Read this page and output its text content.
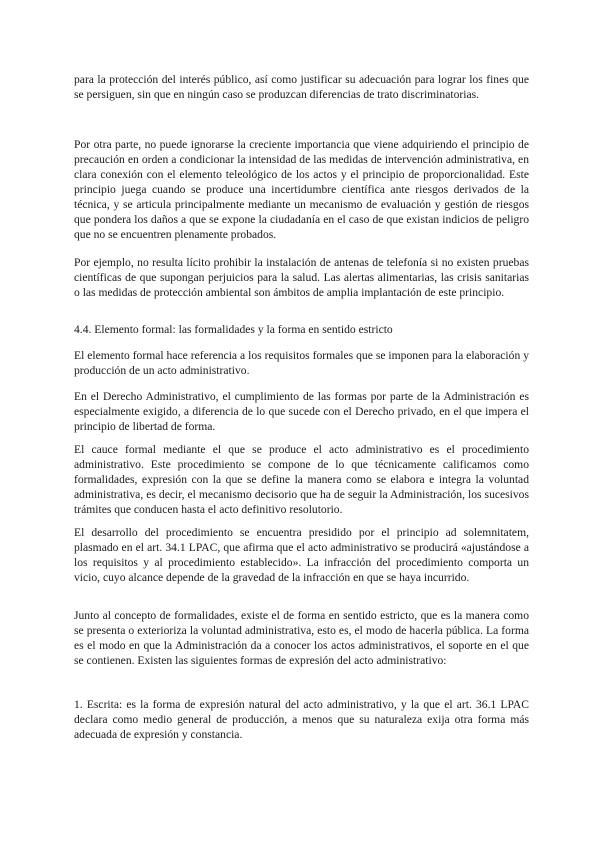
para la protección del interés público, así como justificar su adecuación para lograr los fines que se persiguen, sin que en ningún caso se produzcan diferencias de trato discriminatorias.

Por otra parte, no puede ignorarse la creciente importancia que viene adquiriendo el principio de precaución en orden a condicionar la intensidad de las medidas de intervención administrativa, en clara conexión con el elemento teleológico de los actos y el principio de proporcionalidad. Este principio juega cuando se produce una incertidumbre científica ante riesgos derivados de la técnica, y se articula principalmente mediante un mecanismo de evaluación y gestión de riesgos que pondera los daños a que se expone la ciudadanía en el caso de que existan indicios de peligro que no se encuentren plenamente probados.

Por ejemplo, no resulta lícito prohibir la instalación de antenas de telefonía si no existen pruebas científicas de que supongan perjuicios para la salud. Las alertas alimentarias, las crisis sanitarias o las medidas de protección ambiental son ámbitos de amplia implantación de este principio.

4.4. Elemento formal: las formalidades y la forma en sentido estricto

El elemento formal hace referencia a los requisitos formales que se imponen para la elaboración y producción de un acto administrativo.

En el Derecho Administrativo, el cumplimiento de las formas por parte de la Administración es especialmente exigido, a diferencia de lo que sucede con el Derecho privado, en el que impera el principio de libertad de forma.

El cauce formal mediante el que se produce el acto administrativo es el procedimiento administrativo. Este procedimiento se compone de lo que técnicamente calificamos como formalidades, expresión con la que se define la manera como se elabora e integra la voluntad administrativa, es decir, el mecanismo decisorio que ha de seguir la Administración, los sucesivos trámites que conducen hasta el acto definitivo resolutorio.

El desarrollo del procedimiento se encuentra presidido por el principio ad solemnitatem, plasmado en el art. 34.1 LPAC, que afirma que el acto administrativo se producirá «ajustándose a los requisitos y al procedimiento establecido». La infracción del procedimiento comporta un vicio, cuyo alcance depende de la gravedad de la infracción en que se haya incurrido.

Junto al concepto de formalidades, existe el de forma en sentido estricto, que es la manera como se presenta o exterioriza la voluntad administrativa, esto es, el modo de hacerla pública. La forma es el modo en que la Administración da a conocer los actos administrativos, el soporte en el que se contienen. Existen las siguientes formas de expresión del acto administrativo:

1. Escrita: es la forma de expresión natural del acto administrativo, y la que el art. 36.1 LPAC declara como medio general de producción, a menos que su naturaleza exija otra forma más adecuada de expresión y constancia.
